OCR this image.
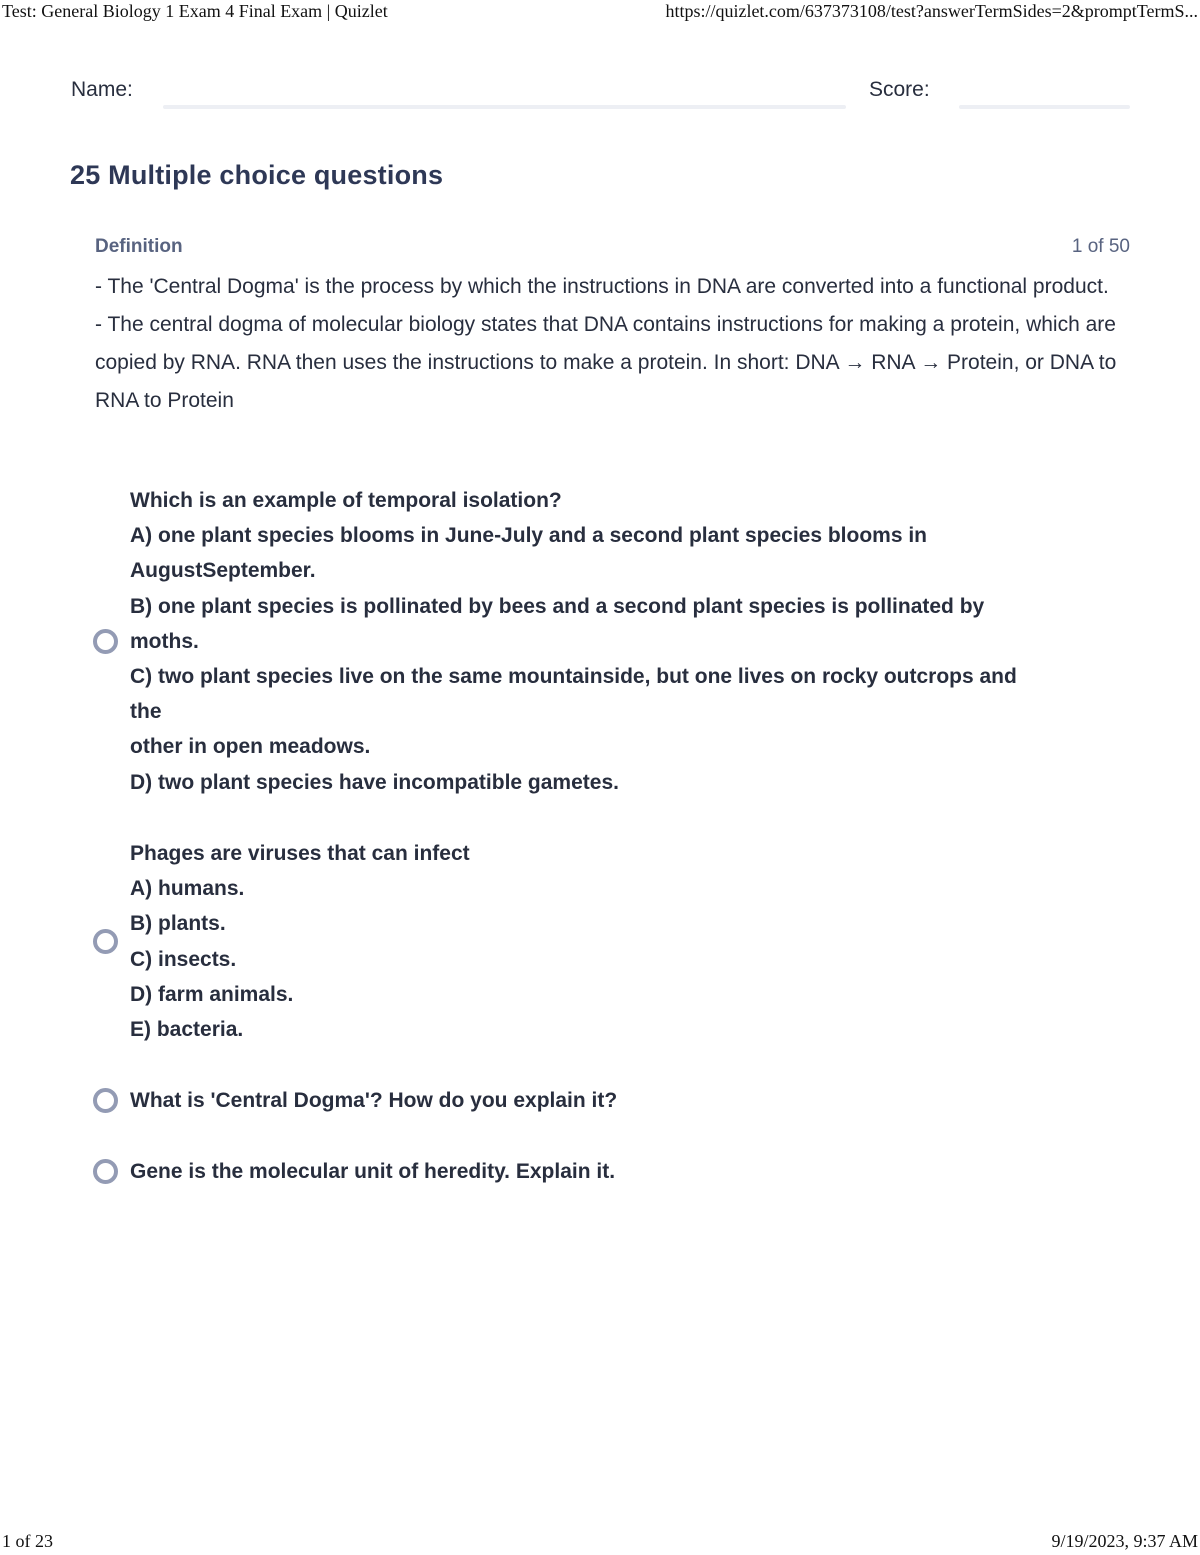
Test: General Biology 1 Exam 4 Final Exam | Quizlet	https://quizlet.com/637373108/test?answerTermSides=2&promptTermS...
Name:	Score:
25 Multiple choice questions
Definition	1 of 50

- The 'Central Dogma' is the process by which the instructions in DNA are converted into a functional product.

- The central dogma of molecular biology states that DNA contains instructions for making a protein, which are copied by RNA. RNA then uses the instructions to make a protein. In short: DNA → RNA → Protein, or DNA to RNA to Protein

Which is an example of temporal isolation?
A) one plant species blooms in June-July and a second plant species blooms in
AugustSeptember.
B) one plant species is pollinated by bees and a second plant species is pollinated by
moths.
C) two plant species live on the same mountainside, but one lives on rocky outcrops and
the
other in open meadows.
D) two plant species have incompatible gametes.
Phages are viruses that can infect
A) humans.
B) plants.
C) insects.
D) farm animals.
E) bacteria.
What is 'Central Dogma'? How do you explain it?
Gene is the molecular unit of heredity. Explain it.
1 of 23	9/19/2023, 9:37 AM
